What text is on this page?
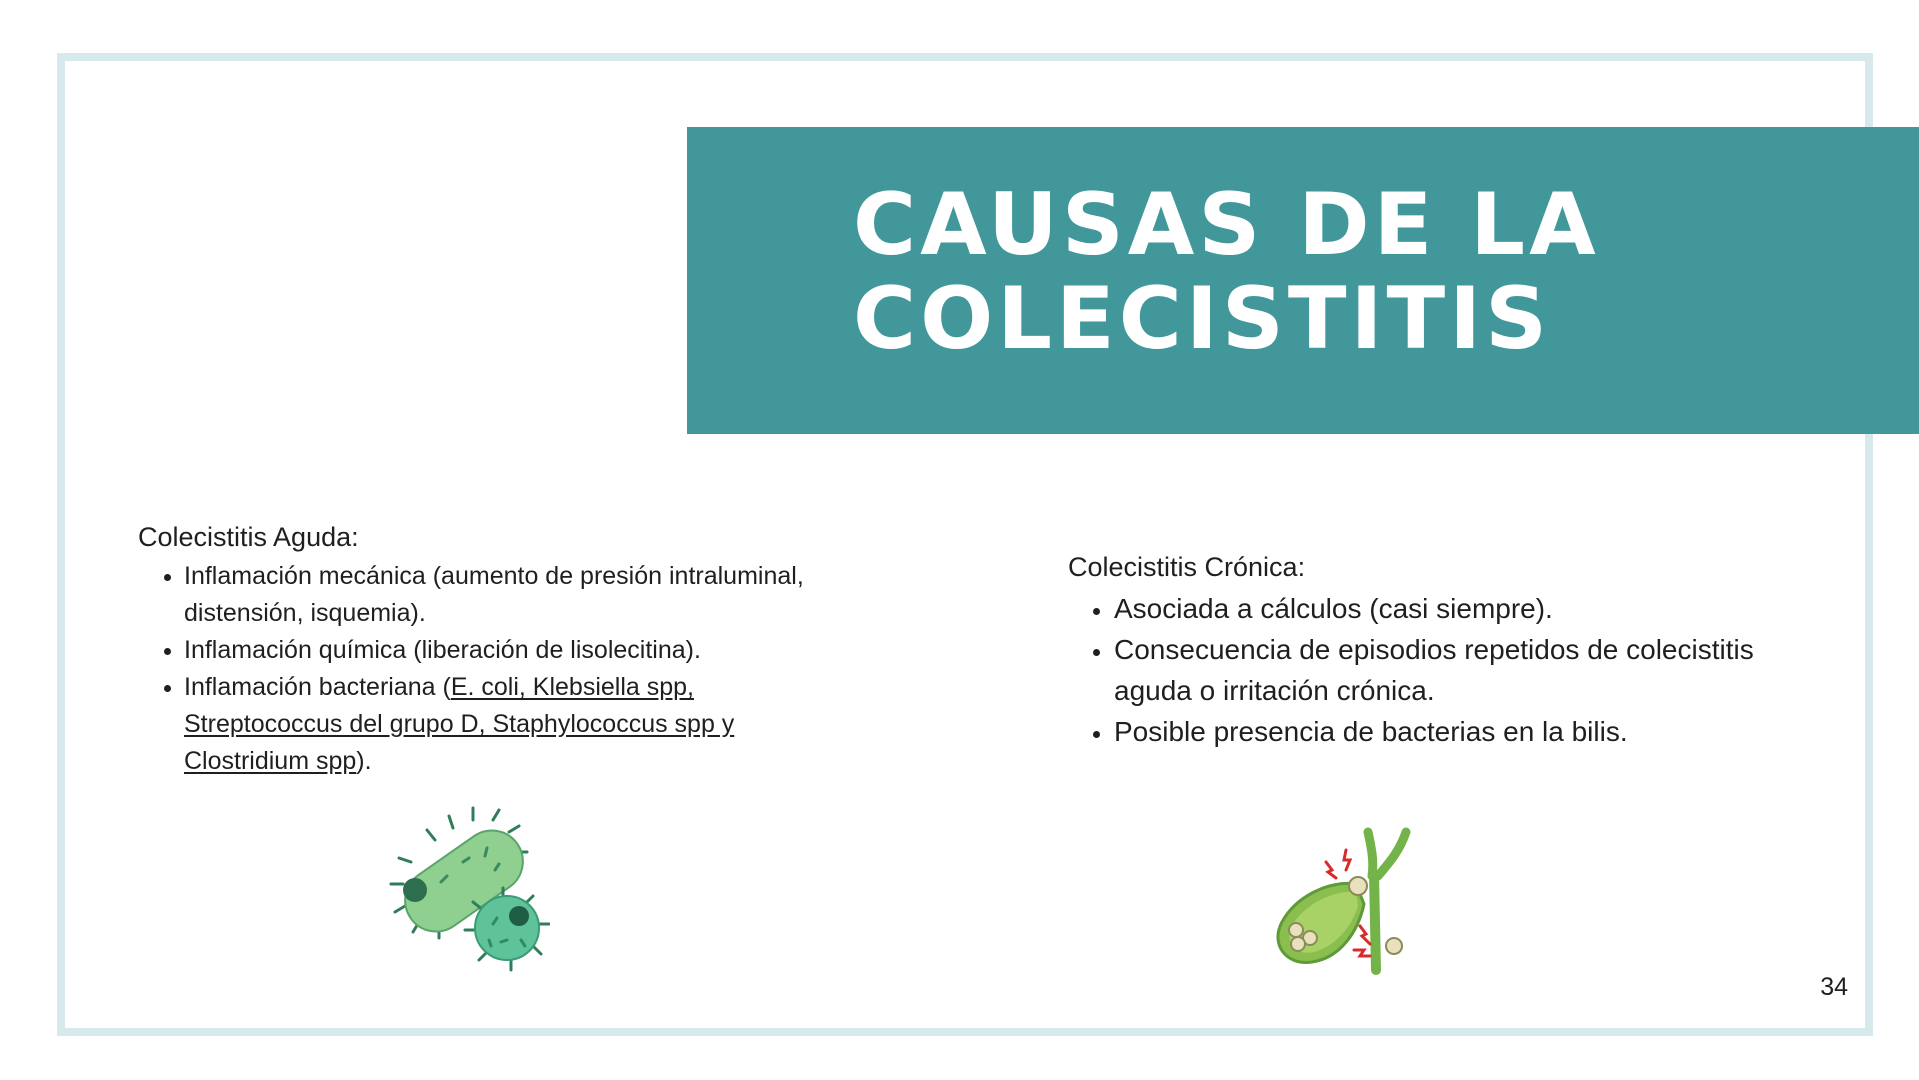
CAUSAS DE LA
COLECISTITIS

Colecistitis Aguda:

• Inflamación mecánica (aumento de presión intraluminal, distensión, isquemia).
• Inflamación química (liberación de lisolecitina).
• Inflamación bacteriana (E. coli, Klebsiella spp, Streptococcus del grupo D, Staphylococcus spp y Clostridium spp).

Colecistitis Crónica:

• Asociada a cálculos (casi siempre).
• Consecuencia de episodios repetidos de colecistitis aguda o irritación crónica.
• Posible presencia de bacterias en la bilis.
34
